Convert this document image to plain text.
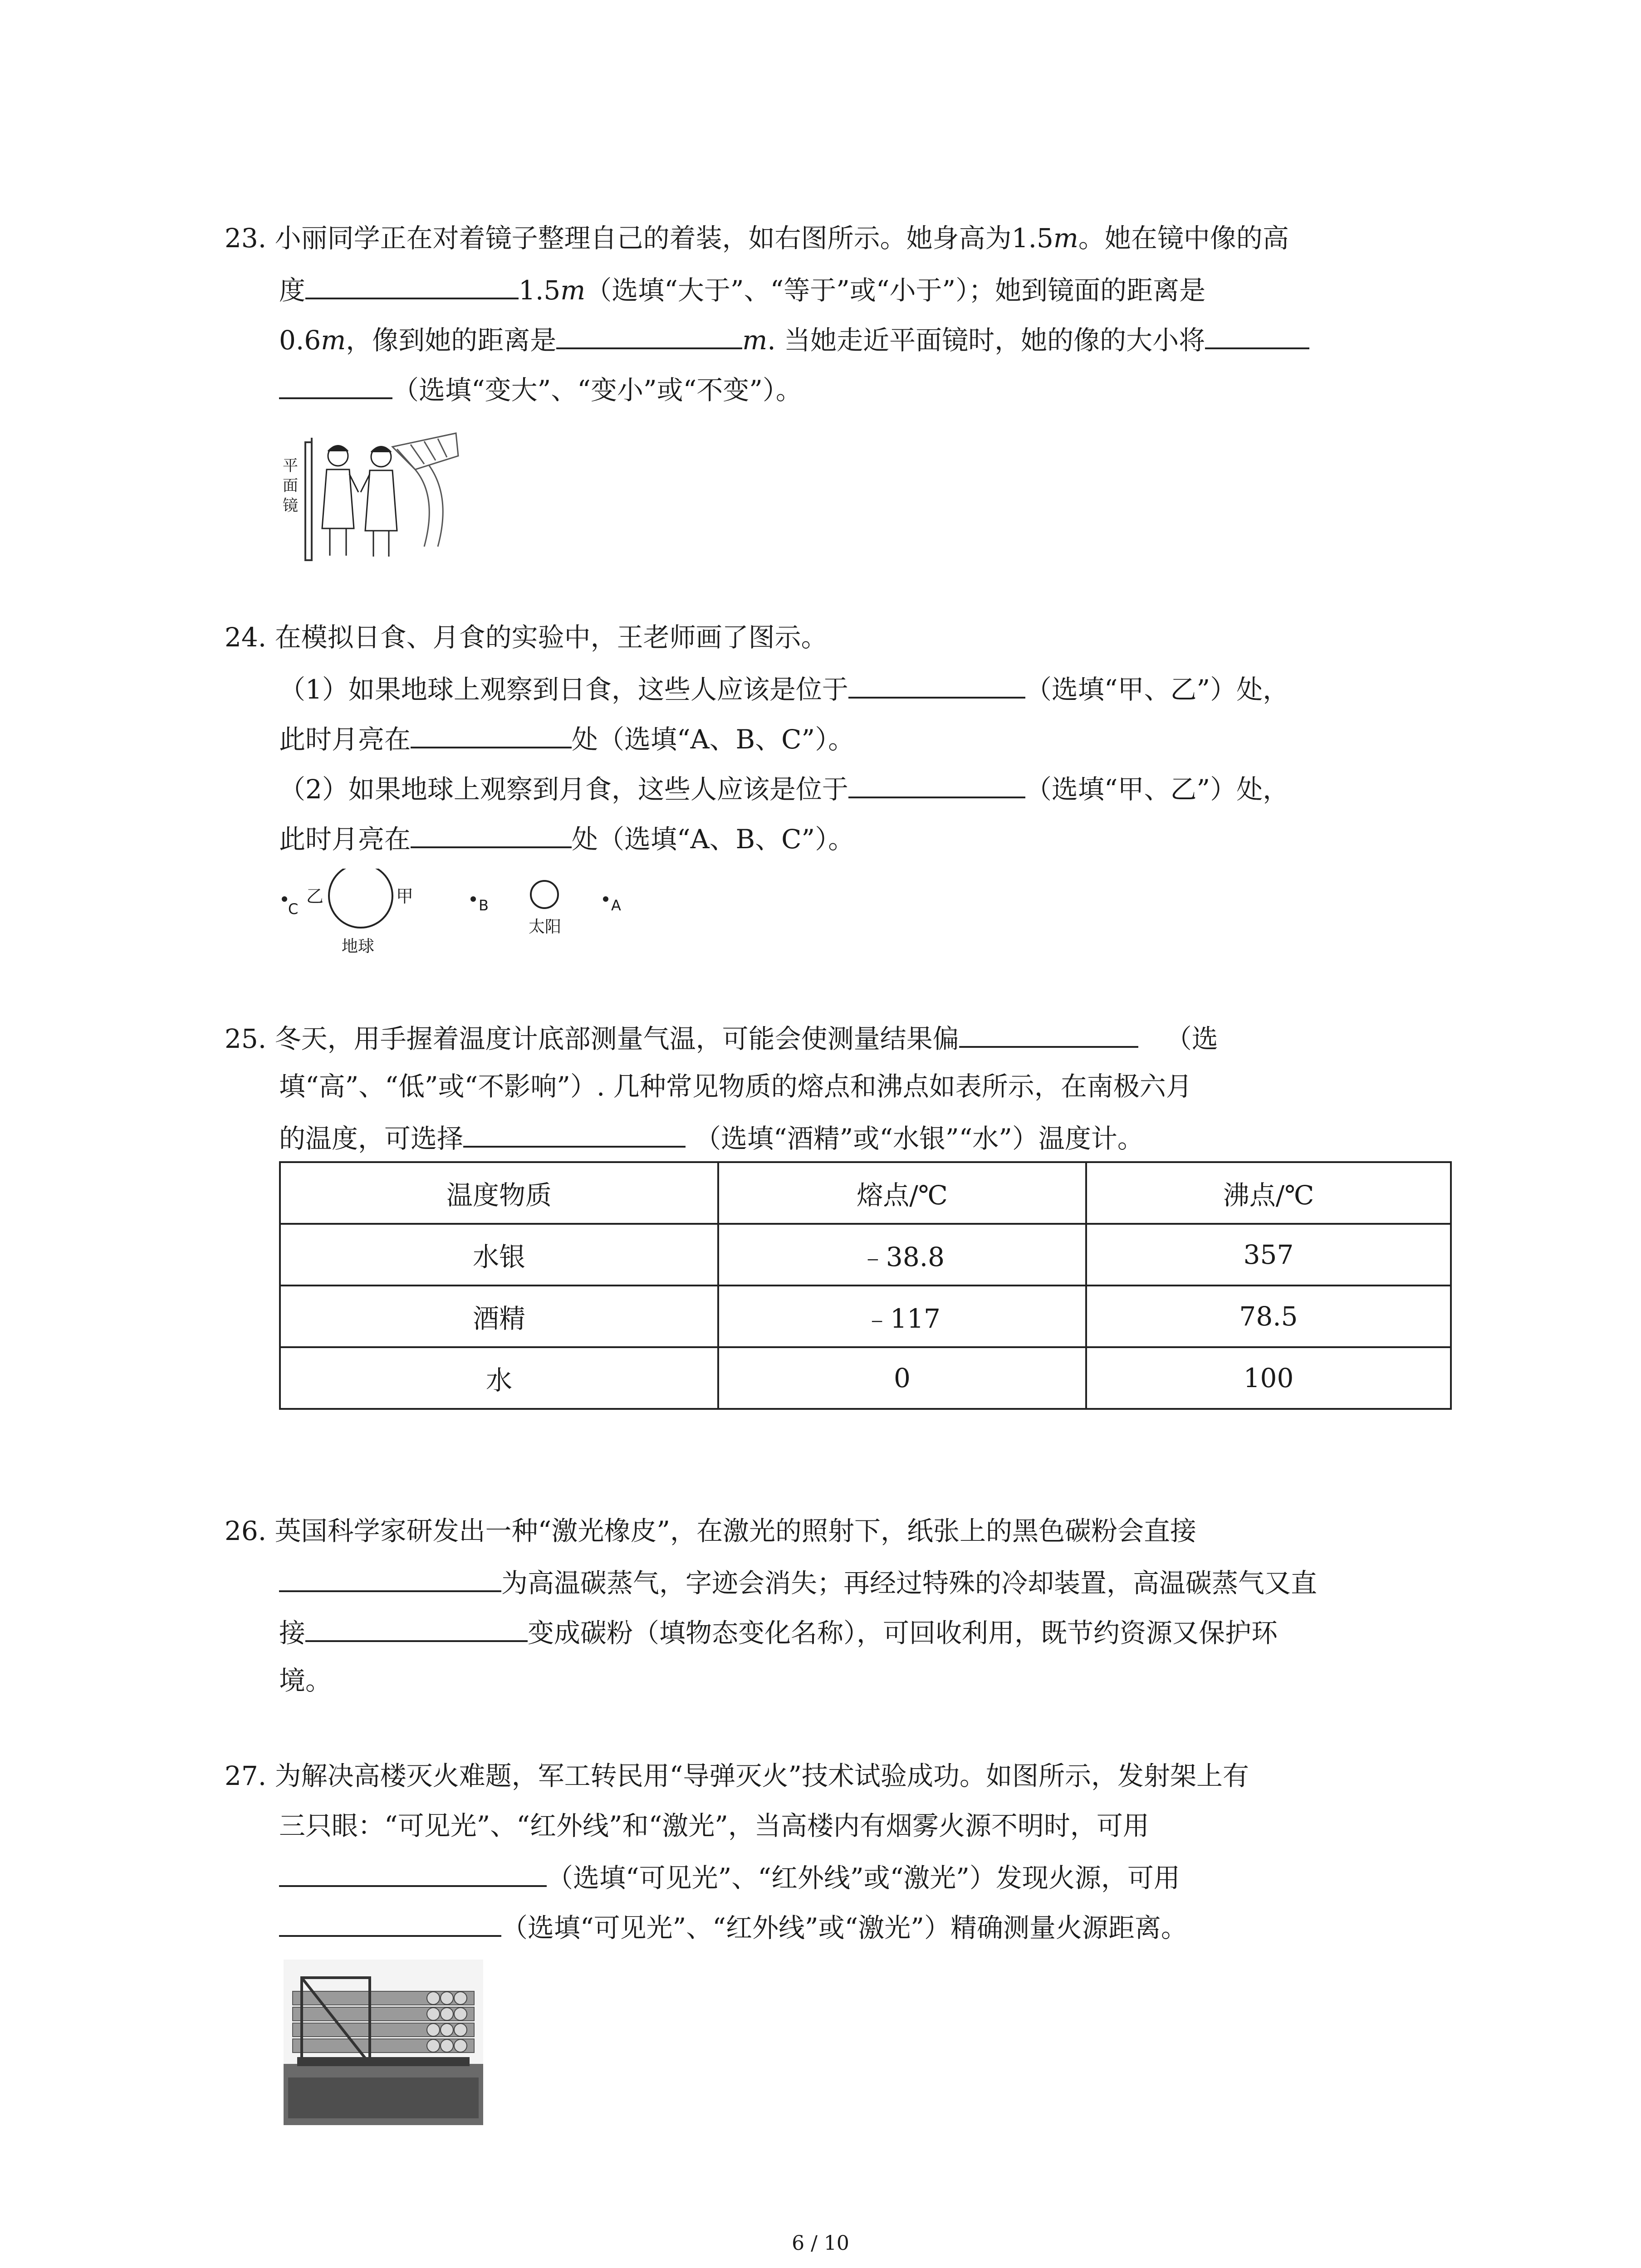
23. 小丽同学正在对着镜子整理自己的着装，如右图所示。她身高为1.5m。她在镜中像的高
度	1.5m（选填“大于”、“等于”或“小于”）；她到镜面的距离是
0.6m，像到她的距离是	m. 当她走近平面镜时，她的像的大小将
（选填“变大”、“变小”或“不变”）。
平
面
镜
24. 在模拟日食、月食的实验中，王老师画了图示。
（1）如果地球上观察到日食，这些人应该是位于	（选填“甲、乙”）处，
此时月亮在	处（选填“A、B、C”）。
（2）如果地球上观察到月食，这些人应该是位于	（选填“甲、乙”）处，
此时月亮在	处（选填“A、B、C”）。
C
乙	甲
地球
B
太阳
A
25. 冬天，用手握着温度计底部测量气温，可能会使测量结果偏	（选
填“高”、“低”或“不影响”）. 几种常见物质的熔点和沸点如表所示，在南极六月
的温度，可选择	（选填“酒精”或“水银”“水”）温度计。
温度物质	熔点/℃	沸点/℃
水银	﹣38.8	357
酒精	﹣117	78.5
水	0	100
26. 英国科学家研发出一种“激光橡皮”，在激光的照射下，纸张上的黑色碳粉会直接
为高温碳蒸气，字迹会消失；再经过特殊的冷却装置，高温碳蒸气又直
接	变成碳粉（填物态变化名称），可回收利用，既节约资源又保护环
境。
27. 为解决高楼灭火难题，军工转民用“导弹灭火”技术试验成功。如图所示，发射架上有
三只眼：“可见光”、“红外线”和“激光”，当高楼内有烟雾火源不明时，可用
（选填“可见光”、“红外线”或“激光”）发现火源，可用
（选填“可见光”、“红外线”或“激光”）精确测量火源距离。
6 / 10
